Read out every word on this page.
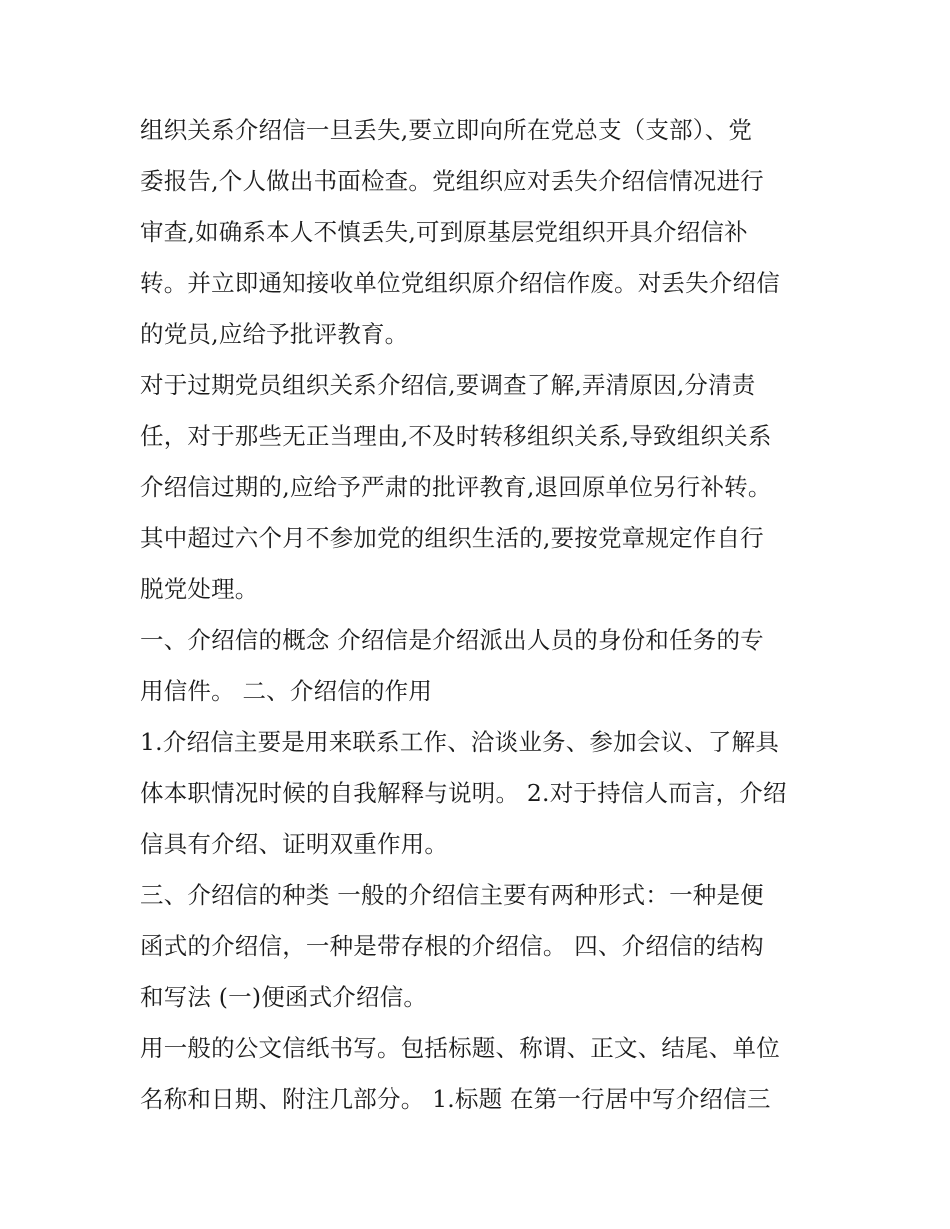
组织关系介绍信一旦丢失,要立即向所在党总支（支部）、党
委报告,个人做出书面检查。党组织应对丢失介绍信情况进行
审查,如确系本人不慎丢失,可到原基层党组织开具介绍信补
转。并立即通知接收单位党组织原介绍信作废。对丢失介绍信
的党员,应给予批评教育。
对于过期党员组织关系介绍信,要调查了解,弄清原因,分清责
任，对于那些无正当理由,不及时转移组织关系,导致组织关系
介绍信过期的,应给予严肃的批评教育,退回原单位另行补转。
其中超过六个月不参加党的组织生活的,要按党章规定作自行
脱党处理。
一、介绍信的概念 介绍信是介绍派出人员的身份和任务的专
用信件。 二、介绍信的作用
1.介绍信主要是用来联系工作、洽谈业务、参加会议、了解具
体本职情况时候的自我解释与说明。 2.对于持信人而言，介绍
信具有介绍、证明双重作用。
三、介绍信的种类 一般的介绍信主要有两种形式：一种是便
函式的介绍信，一种是带存根的介绍信。 四、介绍信的结构
和写法 (一)便函式介绍信。
用一般的公文信纸书写。包括标题、称谓、正文、结尾、单位
名称和日期、附注几部分。 1.标题 在第一行居中写介绍信三
